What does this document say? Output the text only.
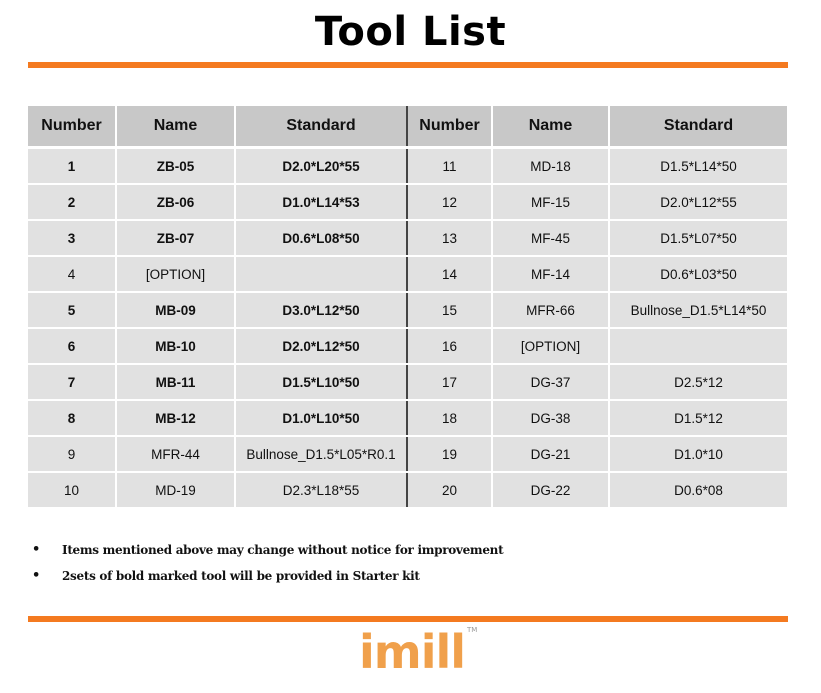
Tool List
Number	Name	Standard	Number	Name	Standard
1	ZB-05	D2.0*L20*55	11	MD-18	D1.5*L14*50
2	ZB-06	D1.0*L14*53	12	MF-15	D2.0*L12*55
3	ZB-07	D0.6*L08*50	13	MF-45	D1.5*L07*50
4	[OPTION]		14	MF-14	D0.6*L03*50
5	MB-09	D3.0*L12*50	15	MFR-66	Bullnose_D1.5*L14*50
6	MB-10	D2.0*L12*50	16	[OPTION]	
7	MB-11	D1.5*L10*50	17	DG-37	D2.5*12
8	MB-12	D1.0*L10*50	18	DG-38	D1.5*12
9	MFR-44	Bullnose_D1.5*L05*R0.1	19	DG-21	D1.0*10
10	MD-19	D2.3*L18*55	20	DG-22	D0.6*08
• Items mentioned above may change without notice for improvement
• 2sets of bold marked tool will be provided in Starter kit
imill TM
